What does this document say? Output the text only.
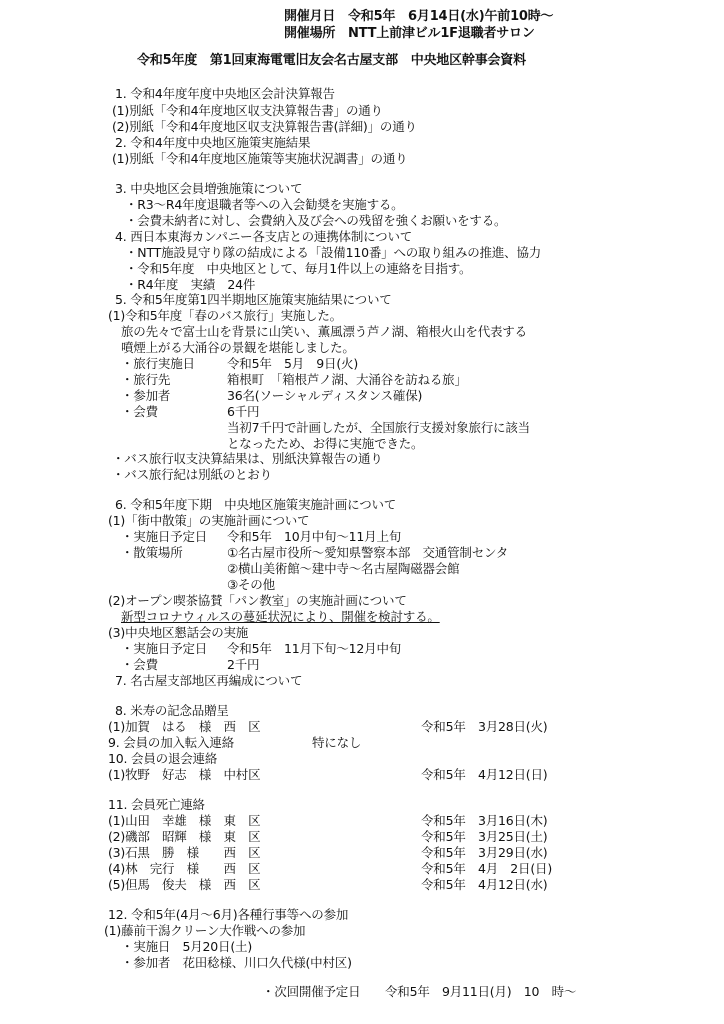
開催月日　令和5年　6月14日(水)午前10時～
開催場所　NTT上前津ビル1F退職者サロン
令和5年度　第1回東海電電旧友会名古屋支部　中央地区幹事会資料
1. 令和4年度年度中央地区会計決算報告
(1)別紙「令和4年度地区収支決算報告書」の通り
(2)別紙「令和4年度地区収支決算報告書(詳細)」の通り
2. 令和4年度中央地区施策実施結果
(1)別紙「令和4年度地区施策等実施状況調書」の通り
3. 中央地区会員増強施策について
・R3～R4年度退職者等への入会勧奨を実施する。
・会費未納者に対し、会費納入及び会への残留を強くお願いをする。
4. 西日本東海カンパニー各支店との連携体制について
・NTT施設見守り隊の結成による「設備110番」への取り組みの推進、協力
・令和5年度　中央地区として、毎月1件以上の連絡を目指す。
・R4年度　実績　24件
5. 令和5年度第1四半期地区施策実施結果について
(1)令和5年度「春のバス旅行」実施した。
旅の先々で富士山を背景に山笑い、薫風漂う芦ノ湖、箱根火山を代表する
噴煙上がる大涌谷の景観を堪能しました。
・旅行実施日	令和5年　5月　9日(火)
・旅行先	箱根町　「箱根芦ノ湖、大涌谷を訪ねる旅」
・参加者	36名(ソーシャルディスタンス確保)
・会費	6千円
当初7千円で計画したが、全国旅行支援対象旅行に該当
となったため、お得に実施できた。
・バス旅行収支決算結果は、別紙決算報告の通り
・バス旅行紀は別紙のとおり
6. 令和5年度下期　中央地区施策実施計画について
(1)「街中散策」の実施計画について
・実施日予定日 令和5年　10月中旬～11月上旬
・散策場所	①名古屋市役所～愛知県警察本部　交通管制センタ
②横山美術館～建中寺～名古屋陶磁器会館
③その他
(2)オープン喫茶協賛「パン教室」の実施計画について
新型コロナウィルスの蔓延状況により、開催を検討する。
(3)中央地区懇話会の実施
・実施日予定日 令和5年　11月下旬～12月中旬
・会費	2千円
7. 名古屋支部地区再編成について
8. 米寿の記念品贈呈
(1)加賀　はる　様　西　区	令和5年　3月28日(火)
9. 会員の加入転入連絡	特になし
10. 会員の退会連絡
(1)牧野　好志　様　中村区	令和5年　4月12日(日)
11. 会員死亡連絡
(1)山田　幸雄　様　東　区	令和5年　3月16日(木)
(2)磯部　昭輝　様　東　区	令和5年　3月25日(土)
(3)石黒　勝　様　　西　区	令和5年　3月29日(水)
(4)林　完行　様　　西　区	令和5年　4月　2日(日)
(5)但馬　俊夫　様　西　区	令和5年　4月12日(水)
12. 令和5年(4月～6月)各種行事等への参加
(1)藤前干潟クリーン大作戦への参加
・実施日　5月20日(土)
・参加者　花田稔様、川口久代様(中村区)
・次回開催予定日　　令和5年　9月11日(月)　10　時～
